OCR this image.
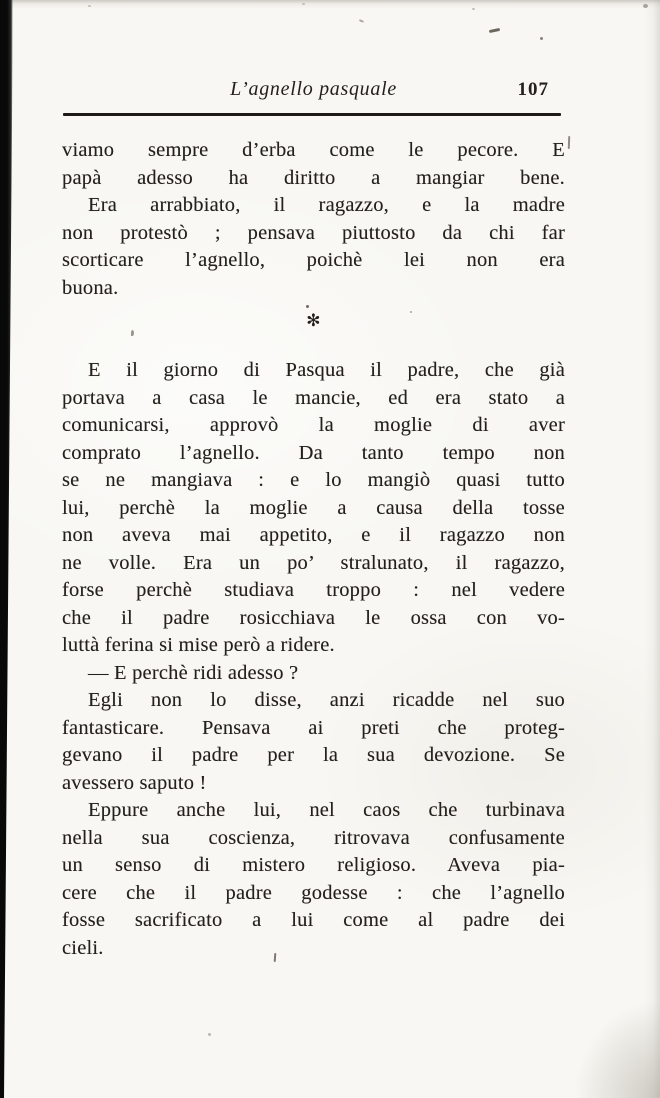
L’agnello pasquale	107
viamo sempre d’erba come le pecore. E
papà adesso ha diritto a mangiar bene.
Era arrabbiato, il ragazzo, e la madre
non protestò ; pensava piuttosto da chi far
scorticare l’agnello, poichè lei non era
buona.
✻
E il giorno di Pasqua il padre, che già
portava a casa le mancie, ed era stato a
comunicarsi, approvò la moglie di aver
comprato l’agnello. Da tanto tempo non
se ne mangiava : e lo mangiò quasi tutto
lui, perchè la moglie a causa della tosse
non aveva mai appetito, e il ragazzo non
ne volle. Era un po’ stralunato, il ragazzo,
forse perchè studiava troppo : nel vedere
che il padre rosicchiava le ossa con vo-
luttà ferina si mise però a ridere.
— E perchè ridi adesso ?
Egli non lo disse, anzi ricadde nel suo
fantasticare. Pensava ai preti che proteg-
gevano il padre per la sua devozione. Se
avessero saputo !
Eppure anche lui, nel caos che turbinava
nella sua coscienza, ritrovava confusamente
un senso di mistero religioso. Aveva pia-
cere che il padre godesse : che l’agnello
fosse sacrificato a lui come al padre dei
cieli.
